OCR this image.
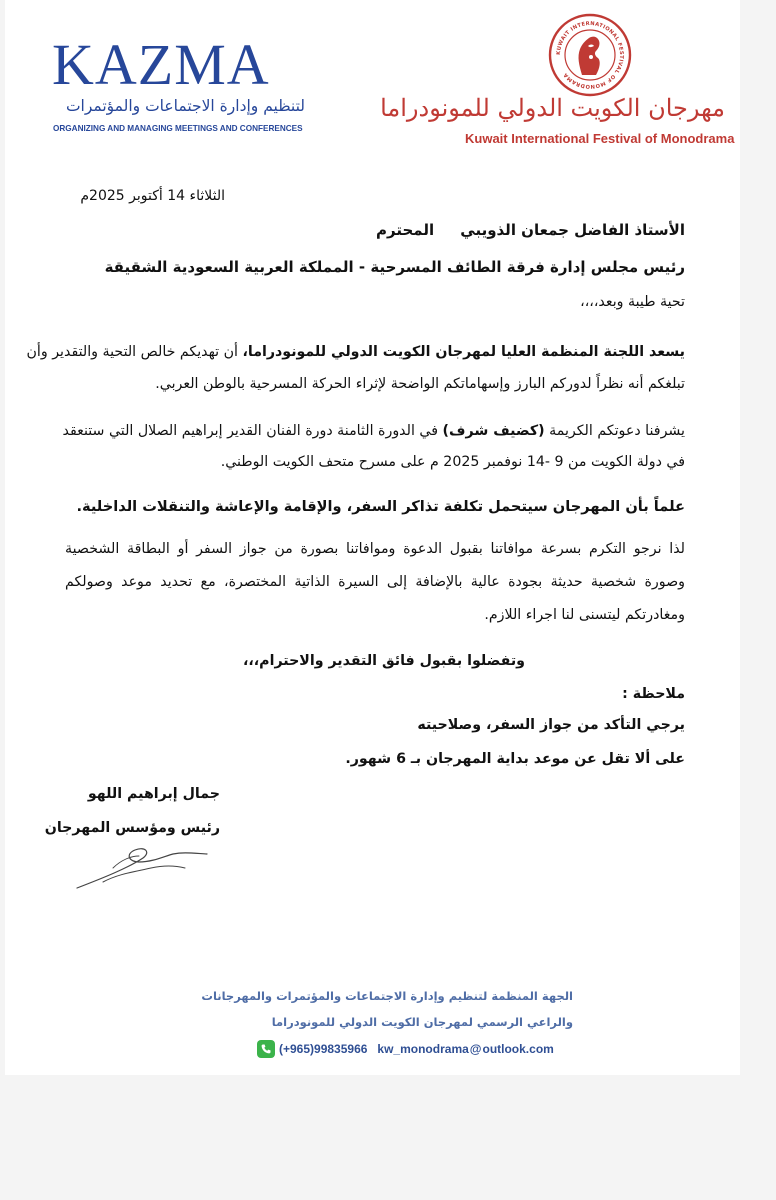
KAZMA
لتنظيم وإدارة الاجتماعات والمؤتمرات
ORGANIZING AND MANAGING MEETINGS AND CONFERENCES
KUWAIT INTERNATIONAL FESTIVAL OF MONODRAMA
مهرجان الكويت الدولي للمونودراما
Kuwait International Festival of Monodrama
الثلاثاء 14 أكتوبر 2025م
الأستاذ الفاضل جمعان الذويبي     المحترم
رئيس مجلس إدارة فرقة الطائف المسرحية - المملكة العربية السعودية الشقيقة
تحية طيبة وبعد،،،،
يسعد اللجنة المنظمة العليا لمهرجان الكويت الدولي للمونودراما، أن تهديكم خالص التحية والتقدير وأن
تبلغكم أنه نظراً لدوركم البارز وإسهاماتكم الواضحة لإثراء الحركة المسرحية بالوطن العربي.
يشرفنا دعوتكم الكريمة (كضيف شرف) في الدورة الثامنة دورة الفنان القدير إبراهيم الصلال التي ستنعقد
في دولة الكويت من 9 -14 نوفمبر 2025 م على مسرح متحف الكويت الوطني.
علماً بأن المهرجان سيتحمل تكلفة تذاكر السفر، والإقامة والإعاشة والتنقلات الداخلية.
لذا نرجو التكرم بسرعة موافاتنا بقبول الدعوة وموافاتنا بصورة من جواز السفر أو البطاقة الشخصية
وصورة شخصية حديثة بجودة عالية بالإضافة إلى السيرة الذاتية المختصرة، مع تحديد موعد وصولكم
ومغادرتكم ليتسنى لنا اجراء اللازم.
وتفضلوا بقبول فائق التقدير والاحترام،،،
ملاحظة :
يرجي التأكد من جواز السفر، وصلاحيته
على ألا تقل عن موعد بداية المهرجان بـ 6 شهور.
جمال إبراهيم اللهو
رئيس ومؤسس المهرجان
الجهة المنظمة لتنظيم وإدارة الاجتماعات والمؤتمرات والمهرجانات
والراعي الرسمي لمهرجان الكويت الدولي للمونودراما
(+965)99835966 kw_monodrama @ outlook.com
